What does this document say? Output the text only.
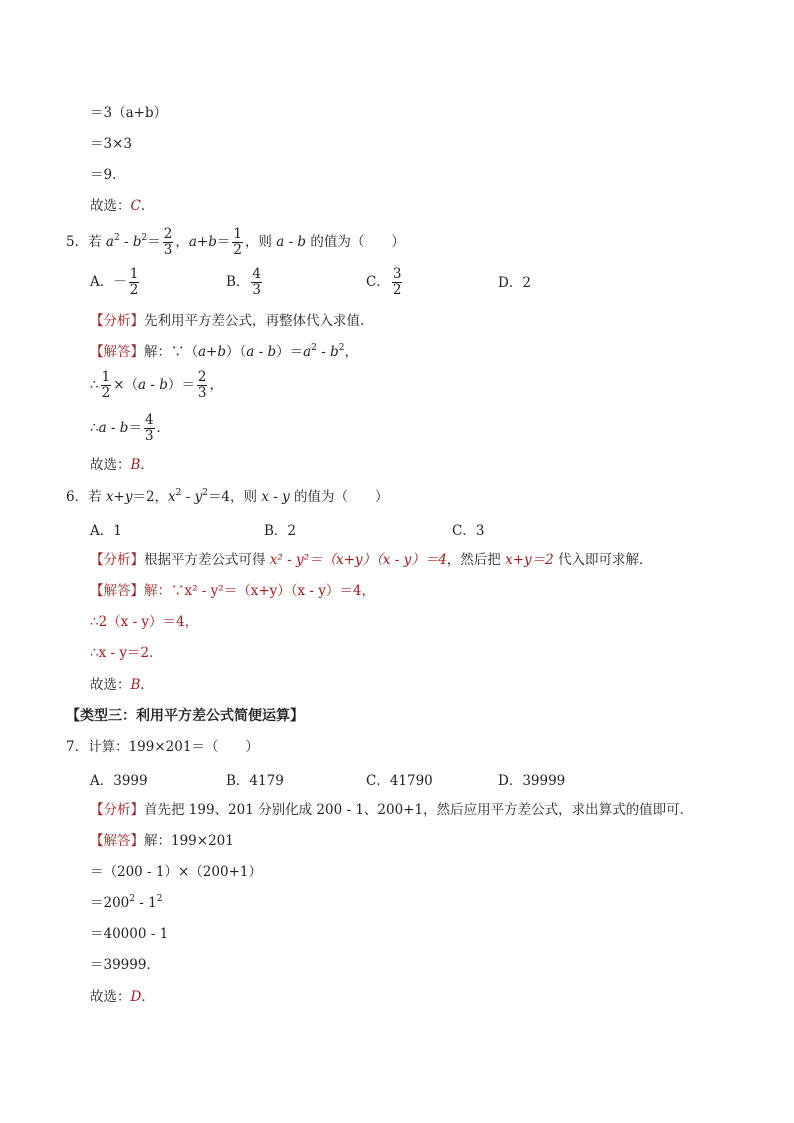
＝3（a+b）
＝3×3
＝9．
故选：C．
5．若 $a^2 - b^2= \frac{2}{3}$ ，$a+b= \frac{1}{2}$ ，则 a - b 的值为（　　）
A．－ $\frac{1}{2}$	B． $\frac{4}{3}$	C． $\frac{3}{2}$	D．2
【分析】先利用平方差公式，再整体代入求值．
【解答】解：∵（a+b）（a - $b)=a^2 - b^2$，
∴ $\frac{1}{2} \times(a - b)= \frac{2}{3}$ ，
∴a - $b= \frac{4}{3}$ ．
故选：B．
6．若 x+y＝2，$x^2 - y^2=4$，则 x - y 的值为（　　）
A．1	B．2	C．3
【分析】根据平方差公式可得 x² - y²＝（x+y）（x - y）＝4，然后把 x+y＝2 代入即可求解．
【解答】解：∵x² - y²＝（x+y）（x - y）＝4，
∴2（x - y）＝4，
∴x - y＝2．
故选：B．
【类型三：利用平方差公式简便运算】
7．计算：199×201＝（　　）
A．3999	B．4179	C．41790	D．39999
【分析】首先把 199、201 分别化成 200 - 1、200+1，然后应用平方差公式，求出算式的值即可．
【解答】解：199×201
＝（200 - 1）×（200+1）
$=200^2 - 1^2$
＝40000 - 1
＝39999．
故选：D．
